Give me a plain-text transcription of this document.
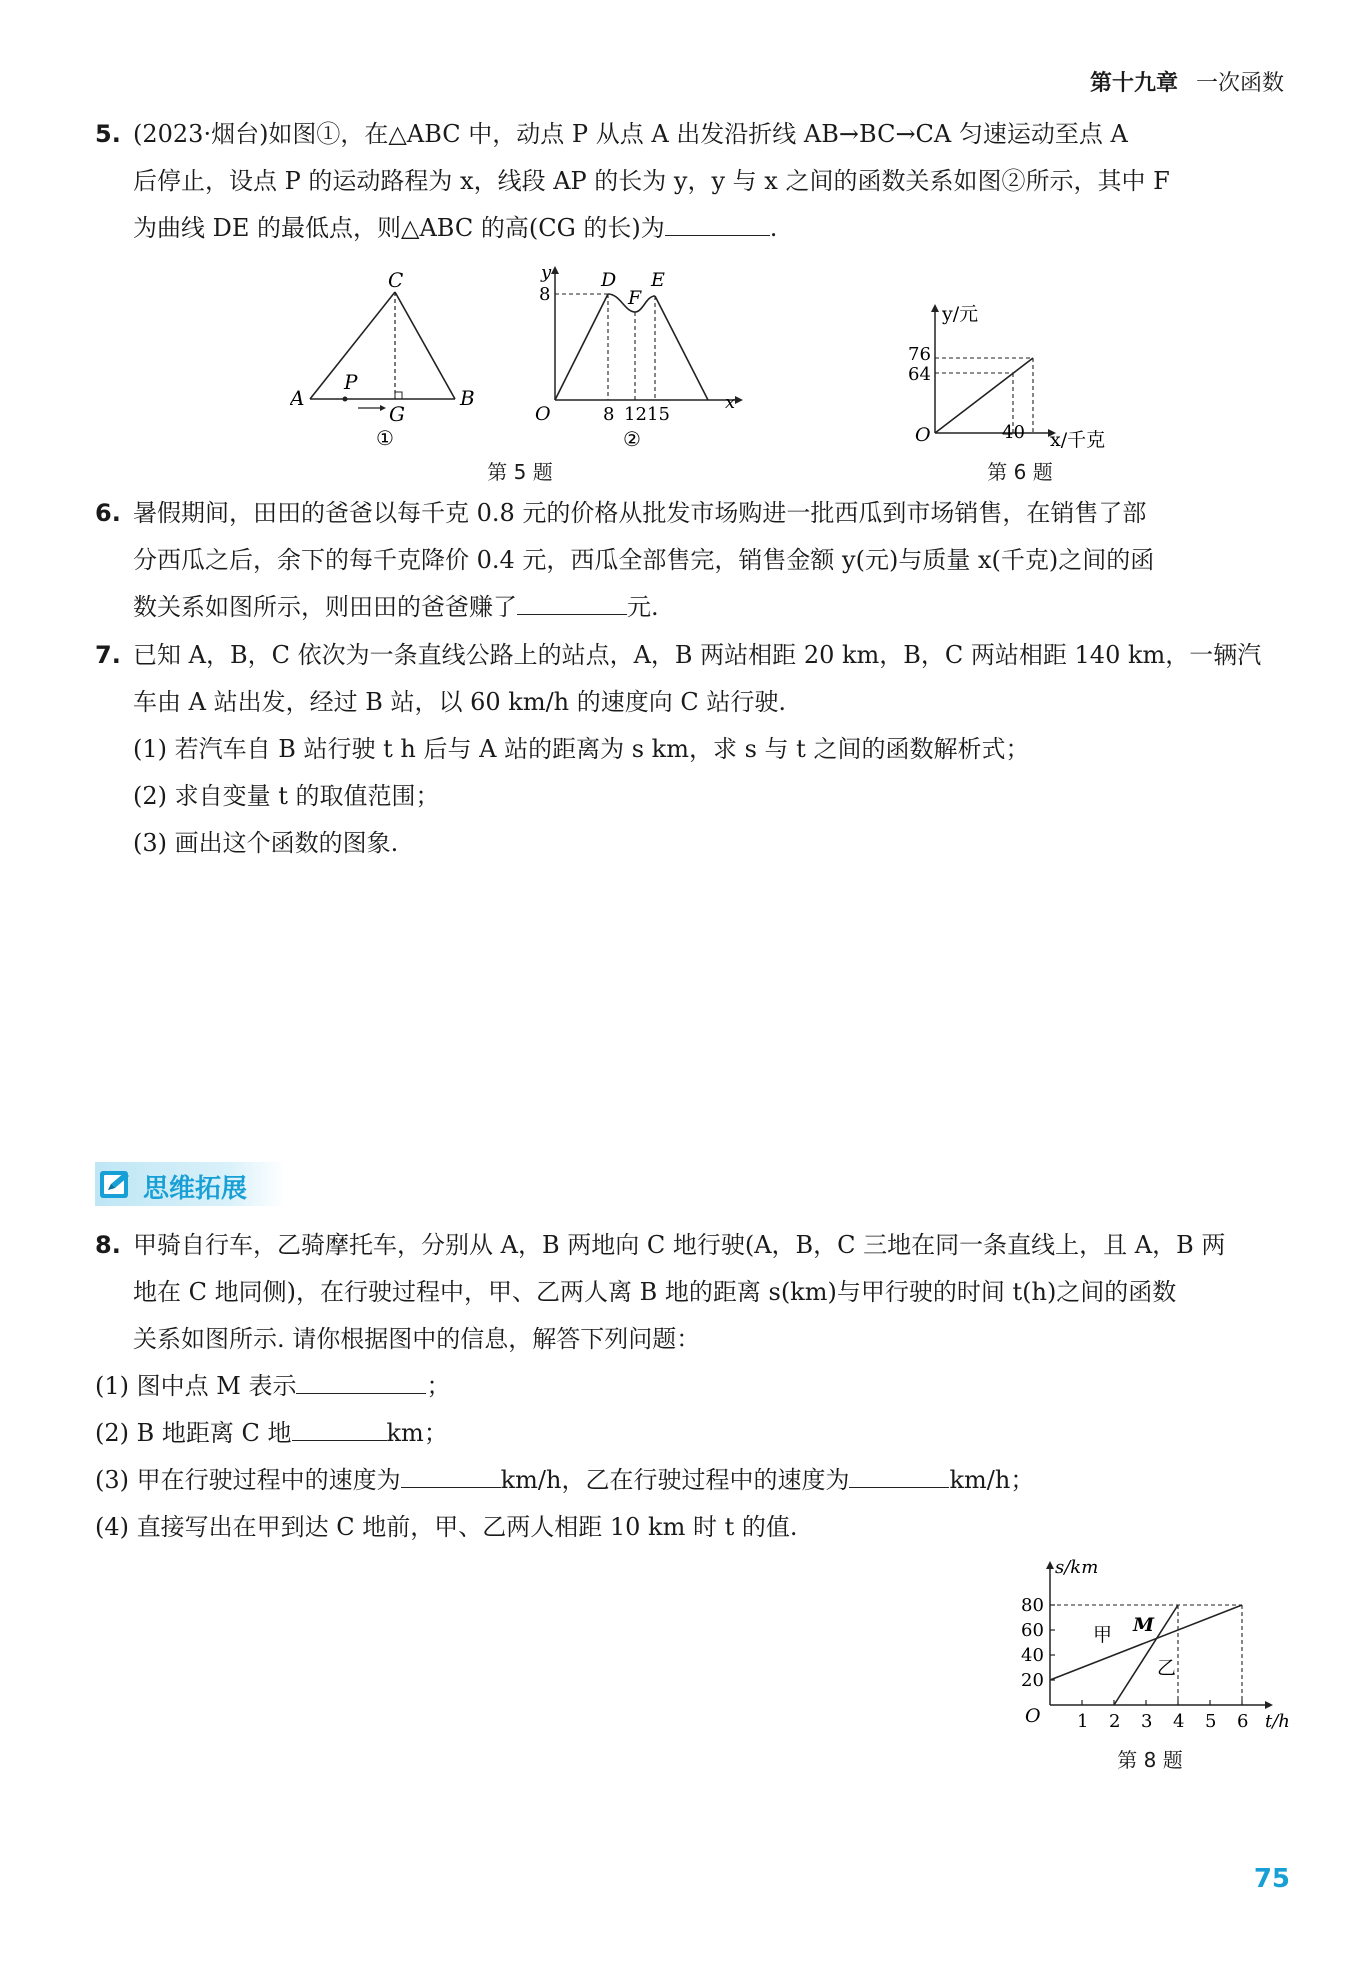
第十九章 一次函数
5. (2023·烟台)如图①，在△ABC 中，动点 P 从点 A 出发沿折线 AB→BC→CA 匀速运动至点 A

后停止，设点 P 的运动路程为 x，线段 AP 的长为 y，y 与 x 之间的函数关系如图②所示，其中 F

为曲线 DE 的最低点，则△ABC 的高(CG 的长)为	.

C
A	B
P
G
①
y
x
O
D
F
E
8
8 12 15
②
第 5 题
y/元
x/千克
O
76
64
40
第 6 题
6. 暑假期间，田田的爸爸以每千克 0.8 元的价格从批发市场购进一批西瓜到市场销售，在销售了部

分西瓜之后，余下的每千克降价 0.4 元，西瓜全部售完，销售金额 y(元)与质量 x(千克)之间的函

数关系如图所示，则田田的爸爸赚了	元.

7. 已知 A，B，C 依次为一条直线公路上的站点，A，B 两站相距 20 km，B，C 两站相距 140 km，一辆汽

车由 A 站出发，经过 B 站，以 60 km/h 的速度向 C 站行驶.

(1) 若汽车自 B 站行驶 t h 后与 A 站的距离为 s km，求 s 与 t 之间的函数解析式；

(2) 求自变量 t 的取值范围；

(3) 画出这个函数的图象.

思维拓展
8. 甲骑自行车，乙骑摩托车，分别从 A，B 两地向 C 地行驶(A，B，C 三地在同一条直线上，且 A，B 两

地在 C 地同侧)，在行驶过程中，甲、乙两人离 B 地的距离 s(km)与甲行驶的时间 t(h)之间的函数

关系如图所示. 请你根据图中的信息，解答下列问题：

(1) 图中点 M 表示	；

(2) B 地距离 C 地	km；

(3) 甲在行驶过程中的速度为	km/h，乙在行驶过程中的速度为	km/h；

(4) 直接写出在甲到达 C 地前，甲、乙两人相距 10 km 时 t 的值.

s/km
t/h
O
80
60
40
20
1 2 3 4 5 6
甲
乙
M
第 8 题
75
